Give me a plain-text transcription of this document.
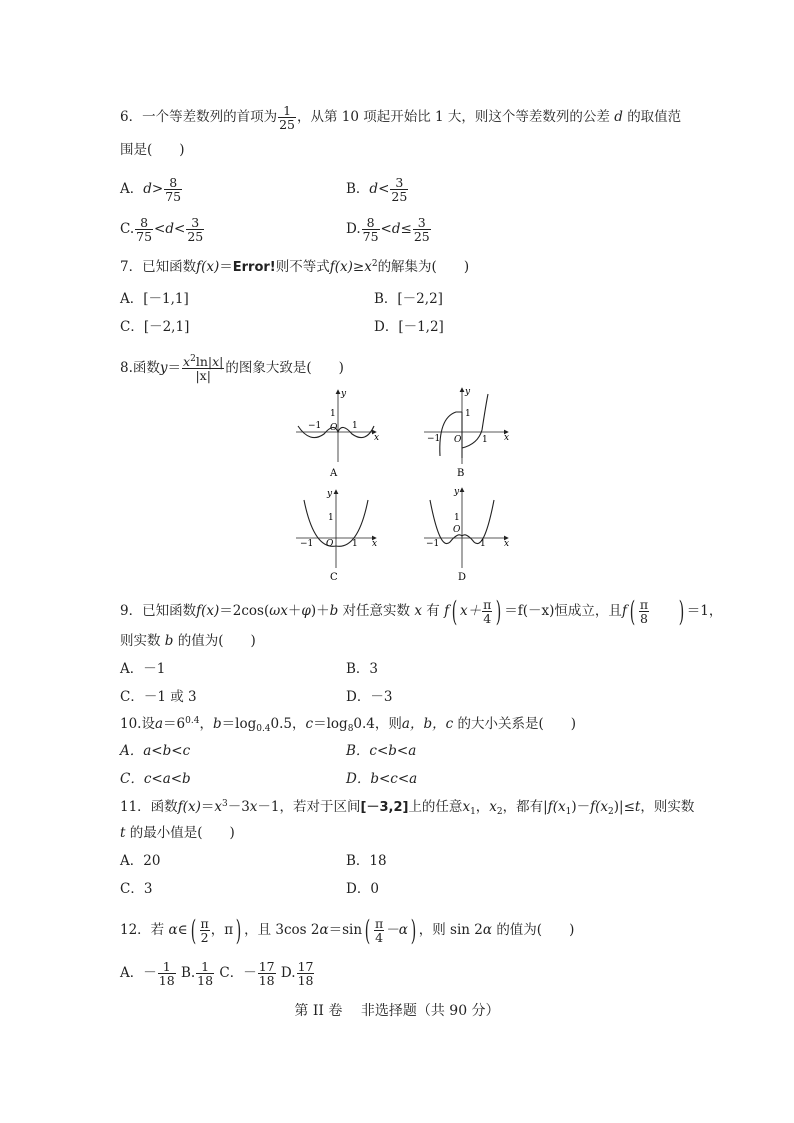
6．一个等差数列的首项为 $\frac{1}{25}$ ，从第 10 项起开始比 1 大，则这个等差数列的公差 d 的取值范
围是(　　)
A．$d> \frac{8}{75}$	B．$d< \frac{3}{25}$
C. $\frac{8}{75} <d< \frac{3}{25}$	D. $\frac{8}{75} <d\le \frac{3}{25}$
7．已知函数f(x)＝Error!则不等式$f(x)\ge x^2$的解集为(　　)
A．[－1,1]	B．[－2,2]
C．[－2,1]	D．[－1,2]
8.函数$y= \frac{x^2\ln|x|}{|x|}$ 的图象大致是(　　)
x
y
−1 O 1
1
A
x
y
−1 O 1
1
B
x
y
−1 O 1
1
C
x
y
−1
O
1
1
D
9．已知函数f(x)＝2cos(ωx＋φ)＋b 对任意实数 x 有 f( $x+ \frac{\pi}{4}$ ) ＝f(－x)恒成立，且$f( \frac{\pi}{8}$ ) ＝1，
则实数 b 的值为(　　)
A．－1	B．3
C．－1 或 3	D．－3
10.设$a=6^{0.4}$，$b=\log_{0.4}0.5$，$c=\log_80.4$，则a，b，c 的大小关系是(　　)
A．a<b<c	B．c<b<a
C．c<a<b	D．b<c<a
11．函数$f(x)=x^3-3x-1$，若对于区间[－3,2]上的任意$x_1$，$x_2$，都有$|f(x_1)-f(x_2)|\le t$，则实数
t 的最小值是(　　)
A．20	B．18
C．3	D．0
12．若 α∈( $\frac{\pi}{2}$ ，π) ，且 3cos $2\alpha=\sin( \frac{\pi}{4} -\alpha)$ ，则 sin 2α 的值为(　　)
A．－ $\frac{1}{18} B$. $\frac{1}{18}$ C．－ $\frac{17}{18} D$. $\frac{17}{18}$
第 II 卷　 非选择题（共 90 分）
